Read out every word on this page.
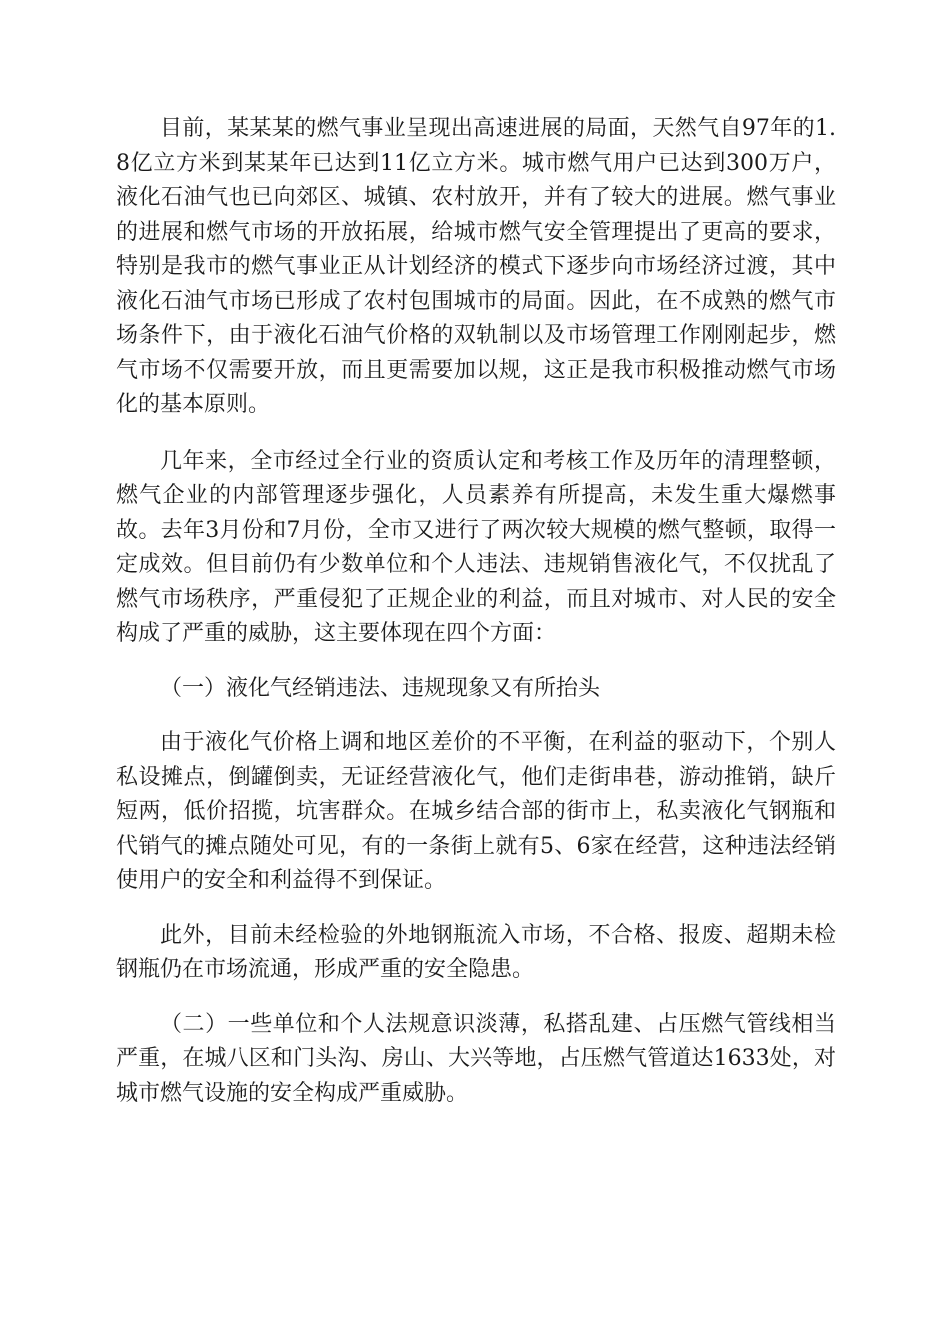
目前，某某某的燃气事业呈现出高速进展的局面，天然气自97年的1.8亿立方米到某某年已达到11亿立方米。城市燃气用户已达到300万户，液化石油气也已向郊区、城镇、农村放开，并有了较大的进展。燃气事业的进展和燃气市场的开放拓展，给城市燃气安全管理提出了更高的要求，特别是我市的燃气事业正从计划经济的模式下逐步向市场经济过渡，其中液化石油气市场已形成了农村包围城市的局面。因此，在不成熟的燃气市场条件下，由于液化石油气价格的双轨制以及市场管理工作刚刚起步，燃气市场不仅需要开放，而且更需要加以规，这正是我市积极推动燃气市场化的基本原则。

几年来，全市经过全行业的资质认定和考核工作及历年的清理整顿，燃气企业的内部管理逐步强化，人员素养有所提高，未发生重大爆燃事故。去年3月份和7月份，全市又进行了两次较大规模的燃气整顿，取得一定成效。但目前仍有少数单位和个人违法、违规销售液化气，不仅扰乱了燃气市场秩序，严重侵犯了正规企业的利益，而且对城市、对人民的安全构成了严重的威胁，这主要体现在四个方面：

（一）液化气经销违法、违规现象又有所抬头

由于液化气价格上调和地区差价的不平衡，在利益的驱动下，个别人私设摊点，倒罐倒卖，无证经营液化气，他们走街串巷，游动推销，缺斤短两，低价招揽，坑害群众。在城乡结合部的街市上，私卖液化气钢瓶和代销气的摊点随处可见，有的一条街上就有5、6家在经营，这种违法经销使用户的安全和利益得不到保证。

此外，目前未经检验的外地钢瓶流入市场，不合格、报废、超期未检钢瓶仍在市场流通，形成严重的安全隐患。

（二）一些单位和个人法规意识淡薄，私搭乱建、占压燃气管线相当严重，在城八区和门头沟、房山、大兴等地，占压燃气管道达1633处，对城市燃气设施的安全构成严重威胁。
